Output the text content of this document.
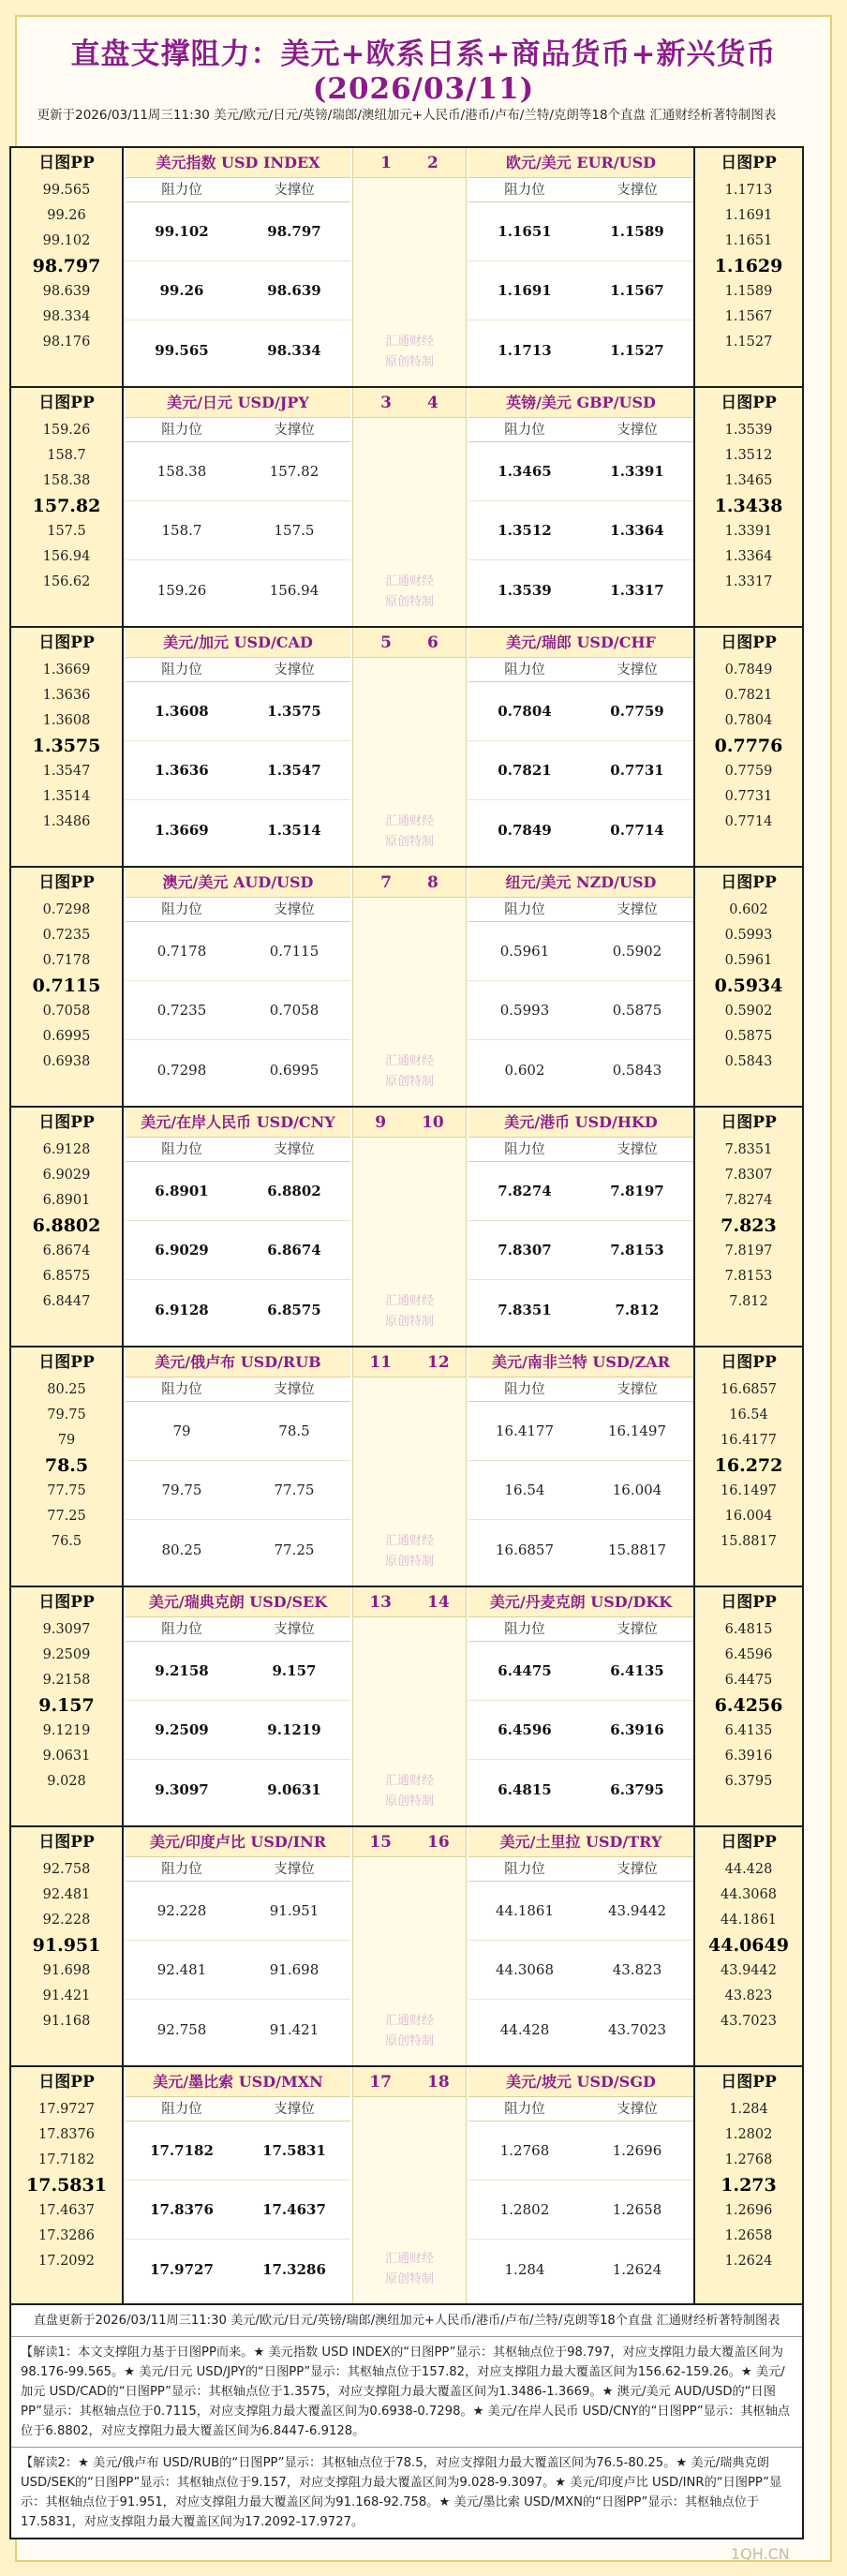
直盘支撑阻力：美元+欧系日系+商品货币+新兴货币(2026/03/11)
更新于2026/03/11周三11:30 美元/欧元/日元/英镑/瑞郎/澳纽加元+人民币/港币/卢布/兰特/克朗等18个直盘 汇通财经析著特制图表
日图PP
99.565
99.26
99.102
98.797
98.639
98.334
98.176
日图PP
1.1713
1.1691
1.1651
1.1629
1.1589
1.1567
1.1527
美元指数 USD INDEX
阻力位	支撑位
99.102	98.797
99.26	98.639
99.565	98.334
欧元/美元 EUR/USD
阻力位	支撑位
1.1651	1.1589
1.1691	1.1567
1.1713	1.1527
1 2
汇通财经
原创特制
日图PP
159.26
158.7
158.38
157.82
157.5
156.94
156.62
日图PP
1.3539
1.3512
1.3465
1.3438
1.3391
1.3364
1.3317
美元/日元 USD/JPY
阻力位	支撑位
158.38	157.82
158.7	157.5
159.26	156.94
英镑/美元 GBP/USD
阻力位	支撑位
1.3465	1.3391
1.3512	1.3364
1.3539	1.3317
3 4
汇通财经
原创特制
日图PP
1.3669
1.3636
1.3608
1.3575
1.3547
1.3514
1.3486
日图PP
0.7849
0.7821
0.7804
0.7776
0.7759
0.7731
0.7714
美元/加元 USD/CAD
阻力位	支撑位
1.3608	1.3575
1.3636	1.3547
1.3669	1.3514
美元/瑞郎 USD/CHF
阻力位	支撑位
0.7804	0.7759
0.7821	0.7731
0.7849	0.7714
5 6
汇通财经
原创特制
日图PP
0.7298
0.7235
0.7178
0.7115
0.7058
0.6995
0.6938
日图PP
0.602
0.5993
0.5961
0.5934
0.5902
0.5875
0.5843
澳元/美元 AUD/USD
阻力位	支撑位
0.7178	0.7115
0.7235	0.7058
0.7298	0.6995
纽元/美元 NZD/USD
阻力位	支撑位
0.5961	0.5902
0.5993	0.5875
0.602	0.5843
7 8
汇通财经
原创特制
日图PP
6.9128
6.9029
6.8901
6.8802
6.8674
6.8575
6.8447
日图PP
7.8351
7.8307
7.8274
7.823
7.8197
7.8153
7.812
美元/在岸人民币 USD/CNY
阻力位	支撑位
6.8901	6.8802
6.9029	6.8674
6.9128	6.8575
美元/港币 USD/HKD
阻力位	支撑位
7.8274	7.8197
7.8307	7.8153
7.8351	7.812
9 10
汇通财经
原创特制
日图PP
80.25
79.75
79
78.5
77.75
77.25
76.5
日图PP
16.6857
16.54
16.4177
16.272
16.1497
16.004
15.8817
美元/俄卢布 USD/RUB
阻力位	支撑位
79	78.5
79.75	77.75
80.25	77.25
美元/南非兰特 USD/ZAR
阻力位	支撑位
16.4177	16.1497
16.54	16.004
16.6857	15.8817
11 12
汇通财经
原创特制
日图PP
9.3097
9.2509
9.2158
9.157
9.1219
9.0631
9.028
日图PP
6.4815
6.4596
6.4475
6.4256
6.4135
6.3916
6.3795
美元/瑞典克朗 USD/SEK
阻力位	支撑位
9.2158	9.157
9.2509	9.1219
9.3097	9.0631
美元/丹麦克朗 USD/DKK
阻力位	支撑位
6.4475	6.4135
6.4596	6.3916
6.4815	6.3795
13 14
汇通财经
原创特制
日图PP
92.758
92.481
92.228
91.951
91.698
91.421
91.168
日图PP
44.428
44.3068
44.1861
44.0649
43.9442
43.823
43.7023
美元/印度卢比 USD/INR
阻力位	支撑位
92.228	91.951
92.481	91.698
92.758	91.421
美元/土里拉 USD/TRY
阻力位	支撑位
44.1861	43.9442
44.3068	43.823
44.428	43.7023
15 16
汇通财经
原创特制
日图PP
17.9727
17.8376
17.7182
17.5831
17.4637
17.3286
17.2092
日图PP
1.284
1.2802
1.2768
1.273
1.2696
1.2658
1.2624
美元/墨比索 USD/MXN
阻力位	支撑位
17.7182	17.5831
17.8376	17.4637
17.9727	17.3286
美元/坡元 USD/SGD
阻力位	支撑位
1.2768	1.2696
1.2802	1.2658
1.284	1.2624
17 18
汇通财经
原创特制
直盘更新于2026/03/11周三11:30 美元/欧元/日元/英镑/瑞郎/澳纽加元+人民币/港币/卢布/兰特/克朗等18个直盘 汇通财经析著特制图表
【解读1：本文支撑阻力基于日图PP而来。★ 美元指数 USD INDEX的“日图PP”显示：其枢轴点位于98.797，对应支撑阻力最大覆盖区间为98.176-99.565。★ 美元/日元 USD/JPY的“日图PP”显示：其枢轴点位于157.82，对应支撑阻力最大覆盖区间为156.62-159.26。★ 美元/加元 USD/CAD的“日图PP”显示：其枢轴点位于1.3575，对应支撑阻力最大覆盖区间为1.3486-1.3669。★ 澳元/美元 AUD/USD的“日图PP”显示：其枢轴点位于0.7115，对应支撑阻力最大覆盖区间为0.6938-0.7298。★ 美元/在岸人民币 USD/CNY的“日图PP”显示：其枢轴点位于6.8802，对应支撑阻力最大覆盖区间为6.8447-6.9128。
【解读2：★ 美元/俄卢布 USD/RUB的“日图PP”显示：其枢轴点位于78.5，对应支撑阻力最大覆盖区间为76.5-80.25。★ 美元/瑞典克朗 USD/SEK的“日图PP”显示：其枢轴点位于9.157，对应支撑阻力最大覆盖区间为9.028-9.3097。★ 美元/印度卢比 USD/INR的“日图PP”显示：其枢轴点位于91.951，对应支撑阻力最大覆盖区间为91.168-92.758。★ 美元/墨比索 USD/MXN的“日图PP”显示：其枢轴点位于17.5831，对应支撑阻力最大覆盖区间为17.2092-17.9727。
1QH.CN
